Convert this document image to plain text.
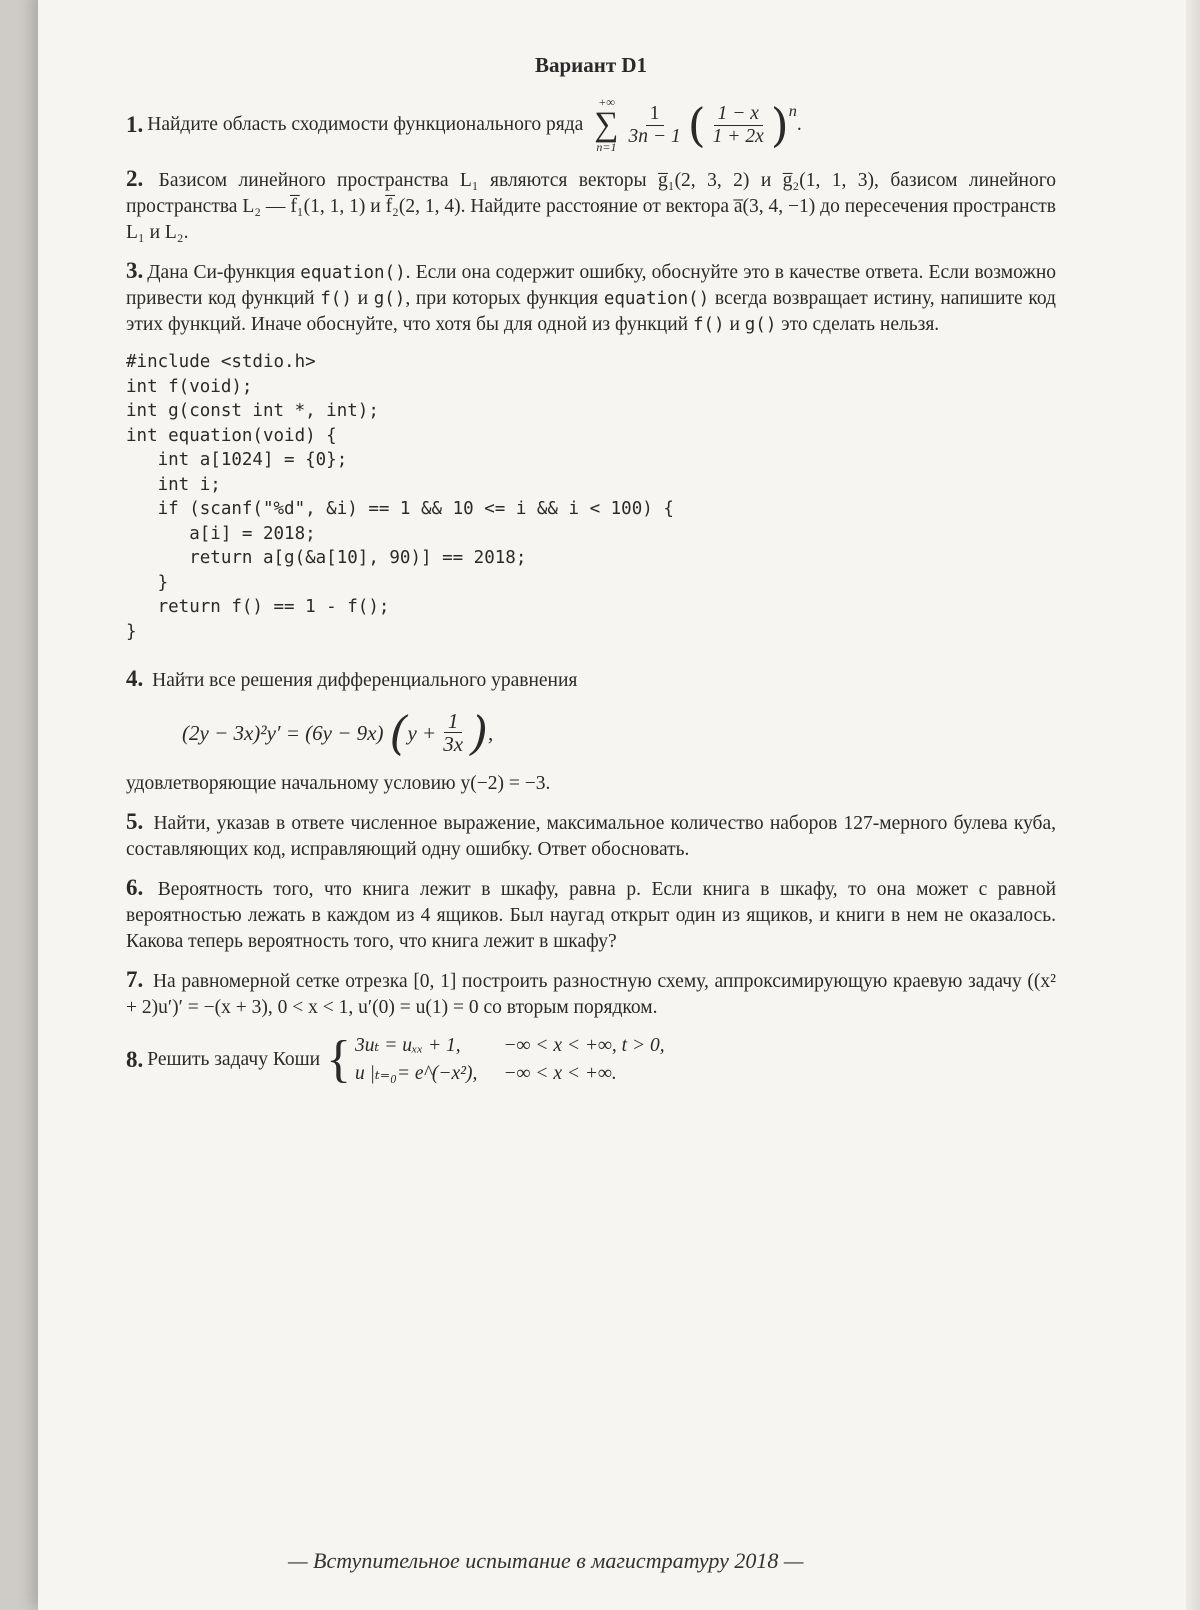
Вариант D1
1. Найдите область сходимости функционального ряда
+∞
∑
$n=1 \frac{1}{3n - 1}$ ( $\frac{1 - x}{1 + 2x} )^n$
.
2. Базисом линейного пространства L₁ являются векторы g̅₁(2, 3, 2) и g̅₂(1, 1, 3), базисом линейного пространства L₂ — f̅₁(1, 1, 1) и f̅₂(2, 1, 4). Найдите расстояние от вектора a̅(3, 4, −1) до пересечения пространств L₁ и L₂.
3. Дана Си-функция equation(). Если она содержит ошибку, обоснуйте это в качестве ответа. Если возможно привести код функций f() и g(), при которых функция equation() всегда возвращает истину, напишите код этих функций. Иначе обоснуйте, что хотя бы для одной из функций f() и g() это сделать нельзя.
#include <stdio.h>
int f(void);
int g(const int *, int);
int equation(void) {
int a[1024] = {0};
int i;
if (scanf("%d", &i) == 1 && 10 <= i && i < 100) {
a[i] = 2018;
return a[g(&a[10], 90)] == 2018;
}
return f() == 1 - f();
}
4. Найти все решения дифференциального уравнения
(2y − 3x)²y′ = (6y − 9x) ( $y + \frac{1}{3x}$ ) ,
удовлетворяющие начальному условию y(−2) = −3.
5. Найти, указав в ответе численное выражение, максимальное количество наборов 127-мерного булева куба, составляющих код, исправляющий одну ошибку. Ответ обосновать.
6. Вероятность того, что книга лежит в шкафу, равна p. Если книга в шкафу, то она может с равной вероятностью лежать в каждом из 4 ящиков. Был наугад открыт один из ящиков, и книги в нем не оказалось. Какова теперь вероятность того, что книга лежит в шкафу?
7. На равномерной сетке отрезка [0, 1] построить разностную схему, аппроксимирующую краевую задачу ((x² + 2)u′)′ = −(x + 3), 0 < x < 1, u′(0) = u(1) = 0 со вторым порядком.
8. Решить задачу Коши { 3uₜ = uₓₓ + 1,	−∞ < x < +∞, t > 0,
u |ₜ₌₀= e^(−x²), −∞ < x < +∞.
— Вступительное испытание в магистратуру 2018 —
